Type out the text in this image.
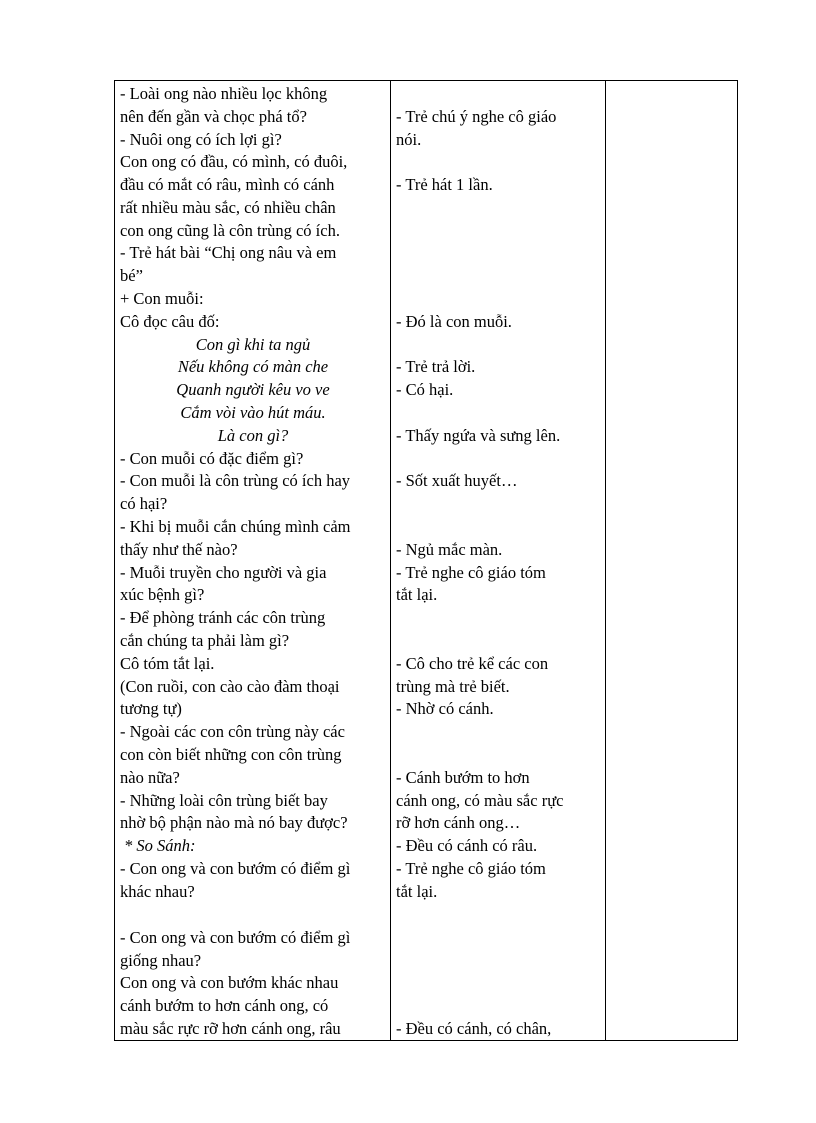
- Loài ong nào nhiều lọc không
nên đến gần và chọc phá tổ?
- Nuôi ong có ích lợi gì?
Con ong có đầu, có mình, có đuôi,
đầu có mắt có râu, mình có cánh
rất nhiều màu sắc, có nhiều chân
con ong cũng là côn trùng có ích.
- Trẻ hát bài “Chị ong nâu và em
bé”
+ Con muỗi:
Cô đọc câu đố:
Con gì khi ta ngủ
Nếu không có màn che
Quanh người kêu vo ve
Cắm vòi vào hút máu.
Là con gì?
- Con muỗi có đặc điểm gì?
- Con muỗi là côn trùng có ích hay
có hại?
- Khi bị muỗi cắn chúng mình cảm
thấy như thế nào?
- Muỗi truyền cho người và gia
xúc bệnh gì?
- Để phòng tránh các côn trùng
cắn chúng ta phải làm gì?
Cô tóm tắt lại.
(Con ruồi, con cào cào đàm thoại
tương tự)
- Ngoài các con côn trùng này các
con còn biết những con côn trùng
nào nữa?
- Những loài côn trùng biết bay
nhờ bộ phận nào mà nó bay được?
* So Sánh:
- Con ong và con bướm có điểm gì
khác nhau?
- Con ong và con bướm có điểm gì
giống nhau?
Con ong và con bướm khác nhau
cánh bướm to hơn cánh ong, có
màu sắc rực rỡ hơn cánh ong, râu
- Trẻ chú ý nghe cô giáo
nói.
- Trẻ hát 1 lần.
- Đó là con muỗi.
- Trẻ trả lời.
- Có hại.
- Thấy ngứa và sưng lên.
- Sốt xuất huyết…
- Ngủ mắc màn.
- Trẻ nghe cô giáo tóm
tắt lại.
- Cô cho trẻ kể các con
trùng mà trẻ biết.
- Nhờ có cánh.
- Cánh bướm to hơn
cánh ong, có màu sắc rực
rỡ hơn cánh ong…
- Đều có cánh có râu.
- Trẻ nghe cô giáo tóm
tắt lại.
- Đều có cánh, có chân,
